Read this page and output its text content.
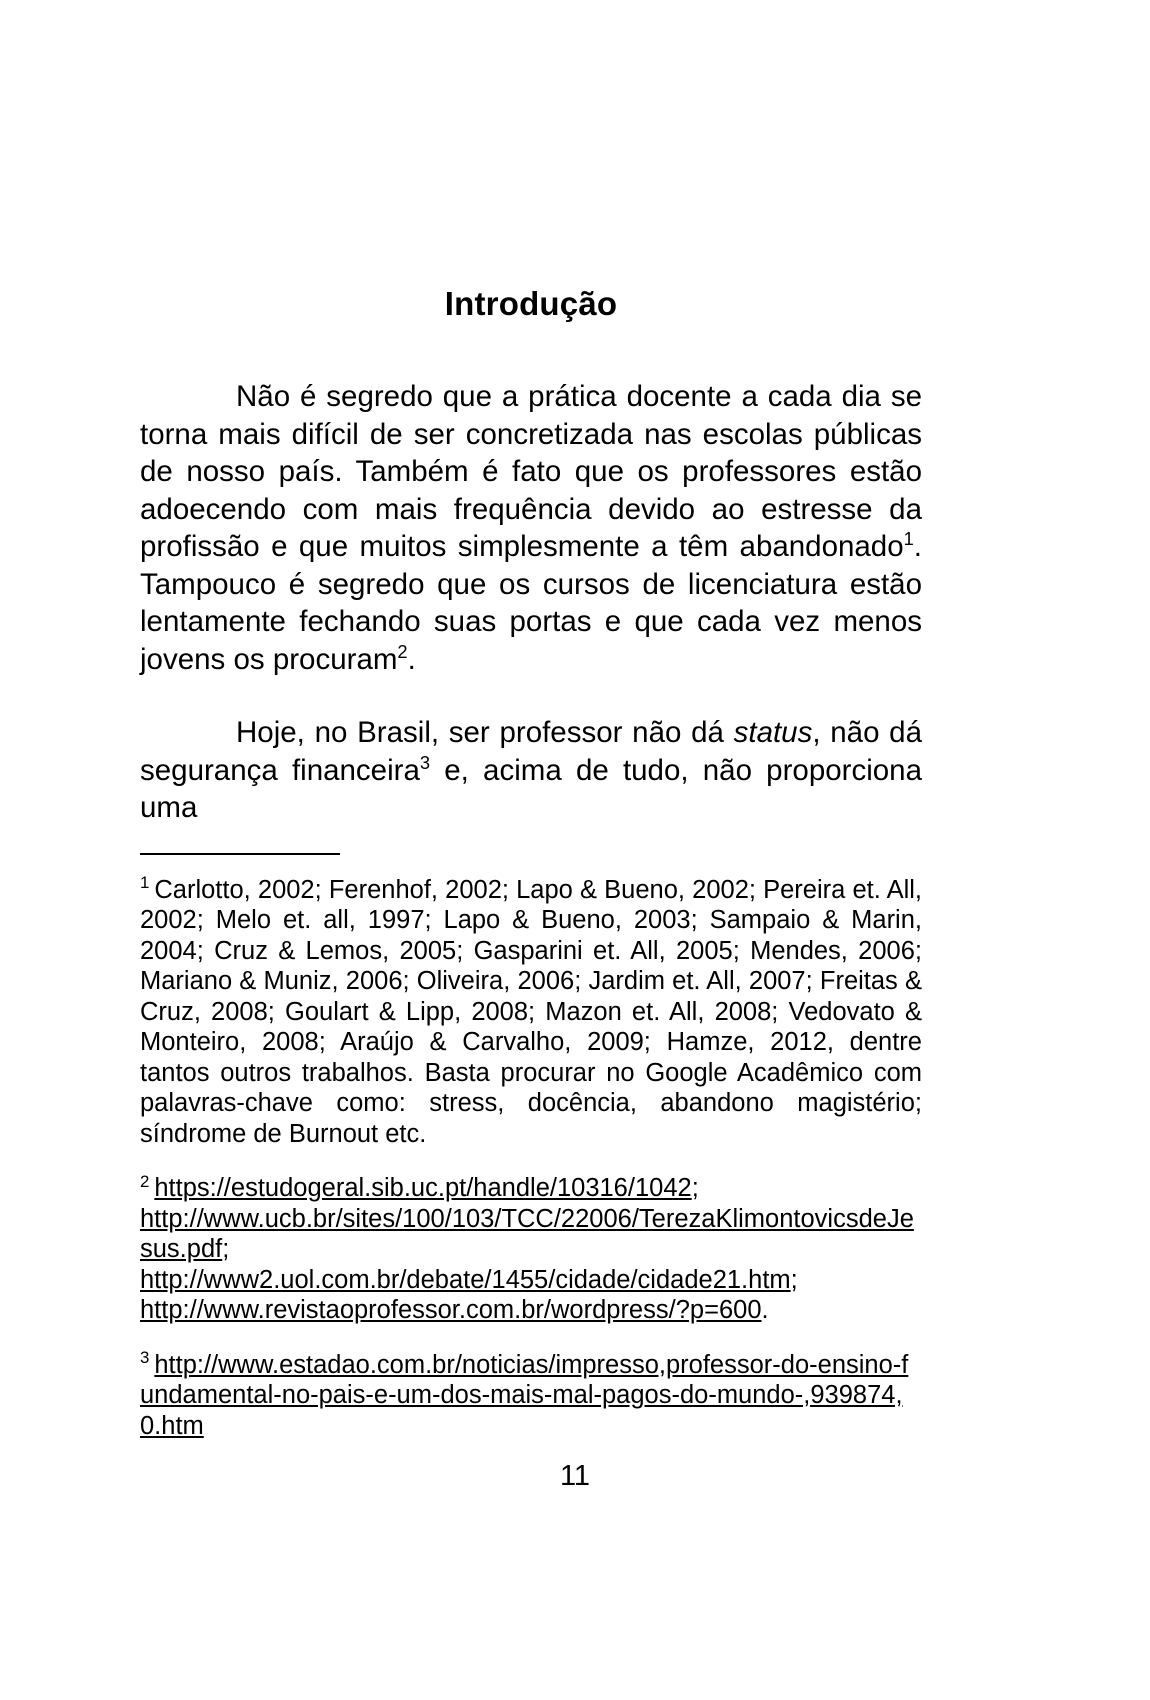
Introdução

Não é segredo que a prática docente a cada dia se torna mais difícil de ser concretizada nas escolas públicas de nosso país. Também é fato que os professores estão adoecendo com mais frequência devido ao estresse da profissão e que muitos simplesmente a têm abandonado$^1$. Tampouco é segredo que os cursos de licenciatura estão lentamente fechando suas portas e que cada vez menos jovens os procuram$^2$.

Hoje, no Brasil, ser professor não dá status, não dá segurança financeira$^3$ e, acima de tudo, não proporciona uma

$^1$ Carlotto, 2002; Ferenhof, 2002; Lapo & Bueno, 2002; Pereira et. All, 2002; Melo et. all, 1997; Lapo & Bueno, 2003; Sampaio & Marin, 2004; Cruz & Lemos, 2005; Gasparini et. All, 2005; Mendes, 2006; Mariano & Muniz, 2006; Oliveira, 2006; Jardim et. All, 2007; Freitas & Cruz, 2008; Goulart & Lipp, 2008; Mazon et. All, 2008; Vedovato & Monteiro, 2008; Araújo & Carvalho, 2009; Hamze, 2012, dentre tantos outros trabalhos. Basta procurar no Google Acadêmico com palavras-chave como: stress, docência, abandono magistério; síndrome de Burnout etc.

$^2$ https://estudogeral.sib.uc.pt/handle/10316/1042;
http://www.ucb.br/sites/100/103/TCC/22006/TerezaKlimontovicsdeJesus.pdf;
http://www2.uol.com.br/debate/1455/cidade/cidade21.htm;
http://www.revistaoprofessor.com.br/wordpress/?p=600.

$^3$ http://www.estadao.com.br/noticias/impresso,professor-do-ensino-fundamental-no-pais-e-um-dos-mais-mal-pagos-do-mundo-,939874,0.htm

11
